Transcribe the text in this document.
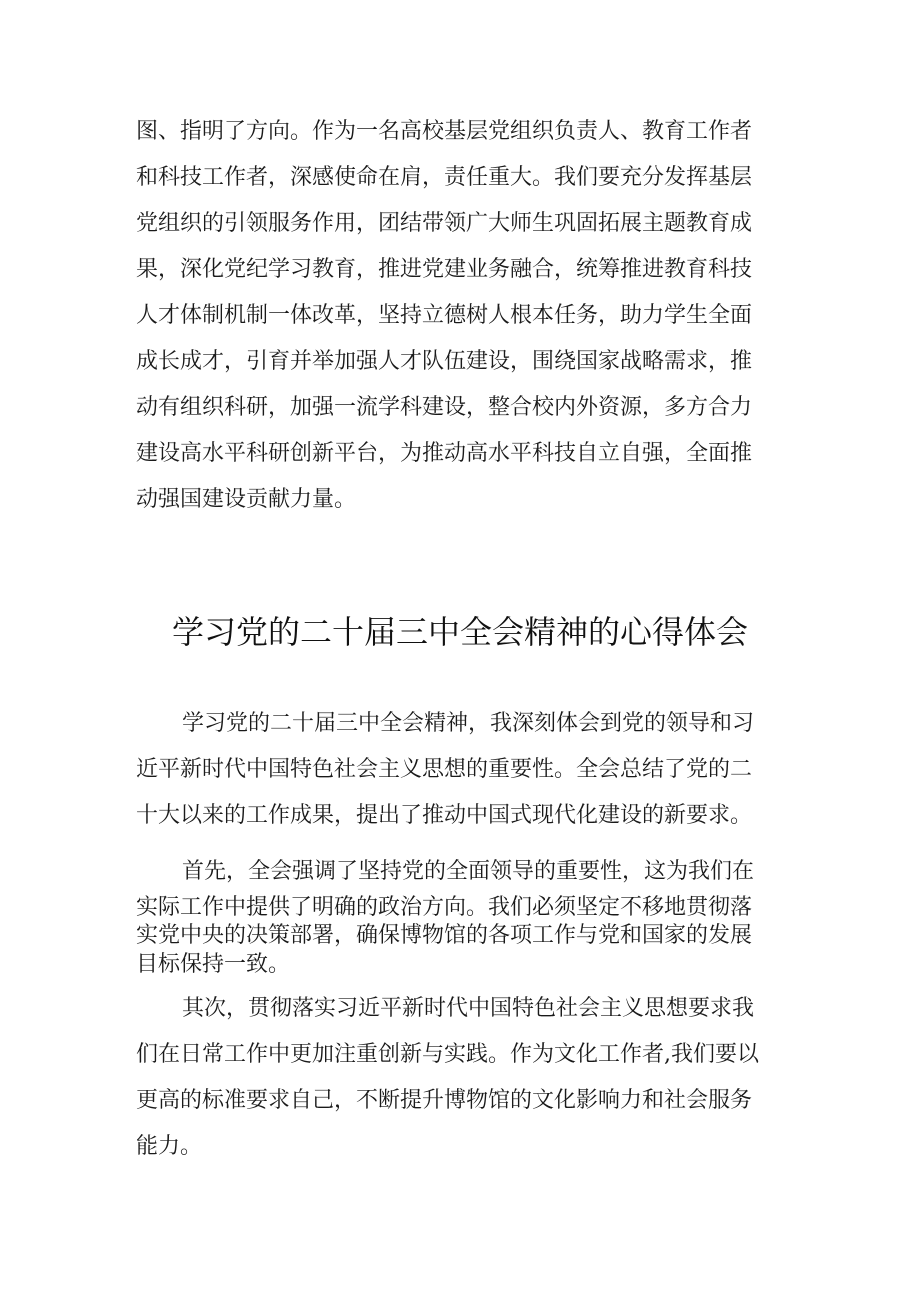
图、指明了方向。作为一名高校基层党组织负责人、教育工作者
和科技工作者，深感使命在肩，责任重大。我们要充分发挥基层
党组织的引领服务作用，团结带领广大师生巩固拓展主题教育成
果，深化党纪学习教育，推进党建业务融合，统筹推进教育科技
人才体制机制一体改革，坚持立德树人根本任务，助力学生全面
成长成才，引育并举加强人才队伍建设，围绕国家战略需求，推
动有组织科研，加强一流学科建设，整合校内外资源，多方合力
建设高水平科研创新平台，为推动高水平科技自立自强，全面推
动强国建设贡献力量。
学习党的二十届三中全会精神的心得体会
学习党的二十届三中全会精神，我深刻体会到党的领导和习
近平新时代中国特色社会主义思想的重要性。全会总结了党的二
十大以来的工作成果，提出了推动中国式现代化建设的新要求。
首先，全会强调了坚持党的全面领导的重要性，这为我们在
实际工作中提供了明确的政治方向。我们必须坚定不移地贯彻落
实党中央的决策部署，确保博物馆的各项工作与党和国家的发展
目标保持一致。
其次，贯彻落实习近平新时代中国特色社会主义思想要求我
们在日常工作中更加注重创新与实践。作为文化工作者,我们要以
更高的标准要求自己，不断提升博物馆的文化影响力和社会服务
能力。
